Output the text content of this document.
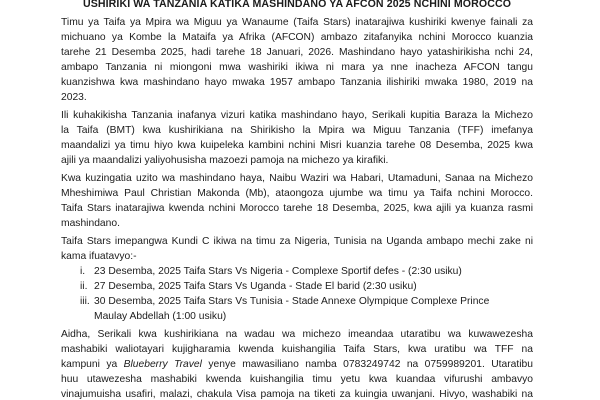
USHIRIKI WA TANZANIA KATIKA MASHINDANO YA AFCON 2025 NCHINI MOROCCO
Timu ya Taifa ya Mpira wa Miguu ya Wanaume (Taifa Stars) inatarajiwa kushiriki kwenye fainali za
michuano ya Kombe la Mataifa ya Afrika (AFCON) ambazo zitafanyika nchini Morocco kuanzia
tarehe 21 Desemba 2025, hadi tarehe 18 Januari, 2026. Mashindano hayo yatashirikisha nchi 24,
ambapo Tanzania ni miongoni mwa washiriki ikiwa ni mara ya nne inacheza AFCON tangu
kuanzishwa kwa mashindano hayo mwaka 1957 ambapo Tanzania ilishiriki mwaka 1980, 2019 na
2023.
Ili kuhakikisha Tanzania inafanya vizuri katika mashindano hayo, Serikali kupitia Baraza la Michezo
la Taifa (BMT) kwa kushirikiana na Shirikisho la Mpira wa Miguu Tanzania (TFF) imefanya
maandalizi ya timu hiyo kwa kuipeleka kambini nchini Misri kuanzia tarehe 08 Desemba, 2025 kwa
ajili ya maandalizi yaliyohusisha mazoezi pamoja na michezo ya kirafiki.
Kwa kuzingatia uzito wa mashindano haya, Naibu Waziri wa Habari, Utamaduni, Sanaa na Michezo
Mheshimiwa Paul Christian Makonda (Mb), ataongoza ujumbe wa timu ya Taifa nchini Morocco.
Taifa Stars inatarajiwa kwenda nchini Morocco tarehe 18 Desemba, 2025, kwa ajili ya kuanza rasmi
mashindano.
Taifa Stars imepangwa Kundi C ikiwa na timu za Nigeria, Tunisia na Uganda ambapo mechi zake ni
kama ifuatavyo:-
i. 23 Desemba, 2025 Taifa Stars Vs Nigeria - Complexe Sportif defes - (2:30 usiku)
ii. 27 Desemba, 2025 Taifa Stars Vs Uganda - Stade El barid (2:30 usiku)
iii. 30 Desemba, 2025 Taifa Stars Vs Tunisia - Stade Annexe Olympique Complexe Prince
Maulay Abdellah (1:00 usiku)
Aidha, Serikali kwa kushirikiana na wadau wa michezo imeandaa utaratibu wa kuwawezesha
mashabiki waliotayari kujigharamia kwenda kuishangilia Taifa Stars, kwa uratibu wa TFF na
kampuni ya Blueberry Travel yenye mawasiliano namba 0783249742 na 0759989201. Utaratibu
huu utawezesha mashabiki kwenda kuishangilia timu yetu kwa kuandaa vifurushi ambavyo
vinajumuisha usafiri, malazi, chakula Visa pamoja na tiketi za kuingia uwanjani. Hivyo, washabiki na
